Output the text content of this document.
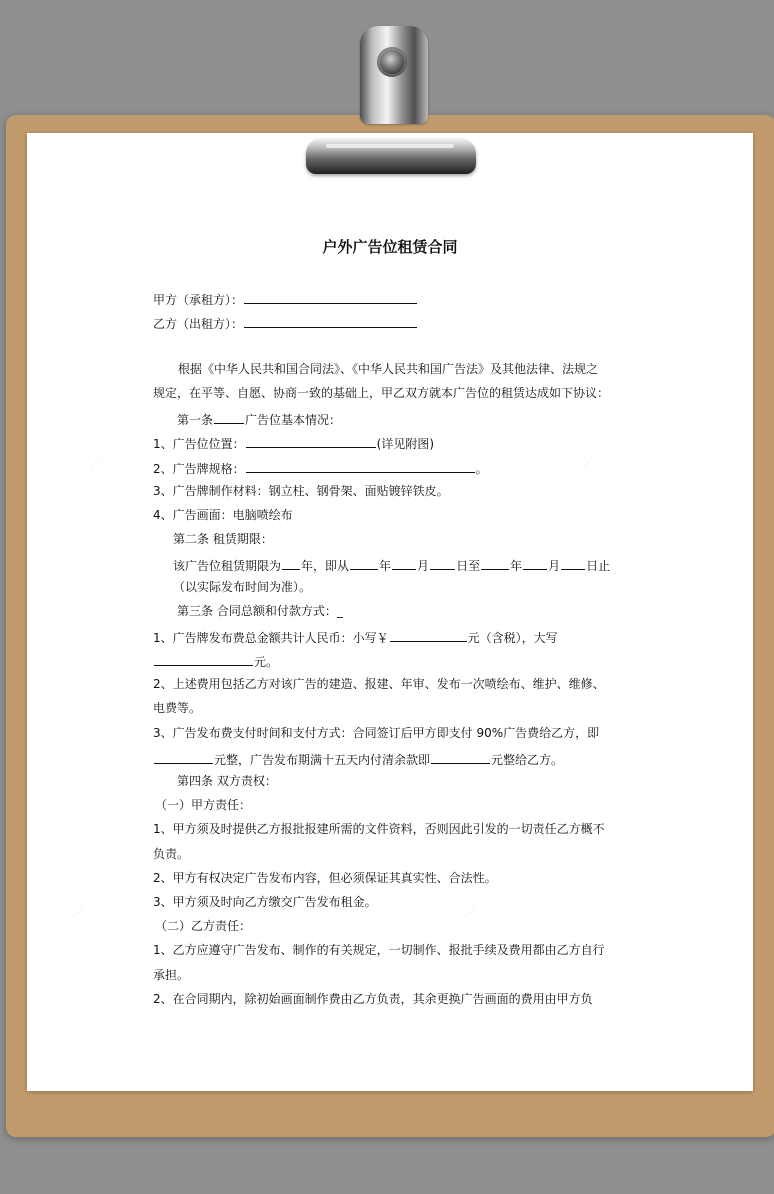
户外广告位租赁合同
甲方（承租方）：
乙方（出租方）：
根据《中华人民共和国合同法》、《中华人民共和国广告法》及其他法律、法规之
规定，在平等、自愿、协商一致的基础上，甲乙双方就本广告位的租赁达成如下协议：
第一条	广告位基本情况：
1、广告位位置：	(详见附图)
2、广告牌规格：	。
3、广告牌制作材料：钢立柱、钢骨架、面贴镀锌铁皮。
4、广告画面：电脑喷绘布
第二条 租赁期限：
该广告位租赁期限为 年，即从	年 月 日至	年 月 日止
（以实际发布时间为准）。
第三条 合同总额和付款方式：_
1、广告牌发布费总金额共计人民币：小写￥	元（含税），大写
元。
2、上述费用包括乙方对该广告的建造、报建、年审、发布一次喷绘布、维护、维修、
电费等。
3、广告发布费支付时间和支付方式：合同签订后甲方即支付 90%广告费给乙方，即
元整，广告发布期满十五天内付清余款即	元整给乙方。
第四条 双方责权：
（一）甲方责任：
1、甲方须及时提供乙方报批报建所需的文件资料，否则因此引发的一切责任乙方概不
负责。
2、甲方有权决定广告发布内容，但必须保证其真实性、合法性。
3、甲方须及时向乙方缴交广告发布租金。
（二）乙方责任：
1、乙方应遵守广告发布、制作的有关规定，一切制作、报批手续及费用都由乙方自行
承担。
2、在合同期内，除初始画面制作费由乙方负责，其余更换广告画面的费用由甲方负
⋯	⋯
⋯	⋯
